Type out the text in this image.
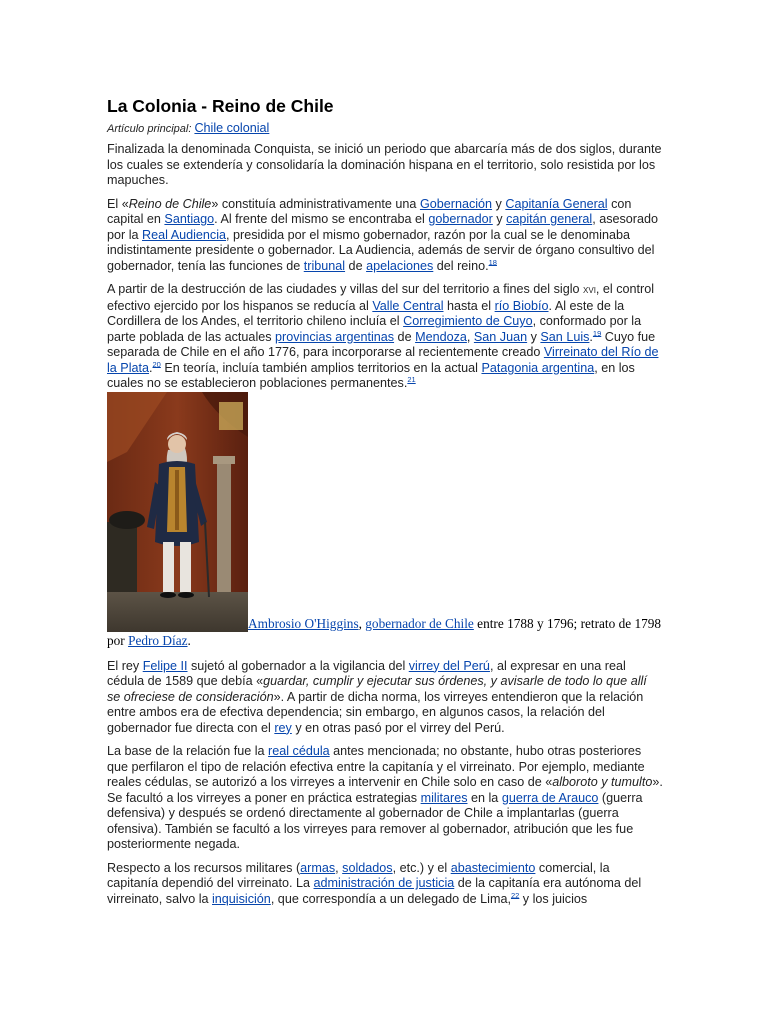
La Colonia - Reino de Chile
Artículo principal: Chile colonial

Finalizada la denominada Conquista, se inició un periodo que abarcaría más de dos siglos, durante los cuales se extendería y consolidaría la dominación hispana en el territorio, solo resistida por los mapuches.

El «Reino de Chile» constituía administrativamente una Gobernación y Capitanía General con capital en Santiago. Al frente del mismo se encontraba el gobernador y capitán general, asesorado por la Real Audiencia, presidida por el mismo gobernador, razón por la cual se le denominaba indistintamente presidente o gobernador. La Audiencia, además de servir de órgano consultivo del gobernador, tenía las funciones de tribunal de apelaciones del reino.$^{18}$

A partir de la destrucción de las ciudades y villas del sur del territorio a fines del siglo xvi, el control efectivo ejercido por los hispanos se reducía al Valle Central hasta el río Biobío. Al este de la Cordillera de los Andes, el territorio chileno incluía el Corregimiento de Cuyo, conformado por la parte poblada de las actuales provincias argentinas de Mendoza, San Juan y San Luis.$^{19}$ Cuyo fue separada de Chile en el año 1776, para incorporarse al recientemente creado Virreinato del Río de la Plata.$^{20}$ En teoría, incluía también amplios territorios en la actual Patagonia argentina, en los cuales no se establecieron poblaciones permanentes.$^{21}$

Ambrosio O'Higgins, gobernador de Chile entre 1788 y 1796; retrato de 1798 por Pedro Díaz.

El rey Felipe II sujetó al gobernador a la vigilancia del virrey del Perú, al expresar en una real cédula de 1589 que debía «guardar, cumplir y ejecutar sus órdenes, y avisarle de todo lo que allí se ofreciese de consideración». A partir de dicha norma, los virreyes entendieron que la relación entre ambos era de efectiva dependencia; sin embargo, en algunos casos, la relación del gobernador fue directa con el rey y en otras pasó por el virrey del Perú.

La base de la relación fue la real cédula antes mencionada; no obstante, hubo otras posteriores que perfilaron el tipo de relación efectiva entre la capitanía y el virreinato. Por ejemplo, mediante reales cédulas, se autorizó a los virreyes a intervenir en Chile solo en caso de «alboroto y tumulto». Se facultó a los virreyes a poner en práctica estrategias militares en la guerra de Arauco (guerra defensiva) y después se ordenó directamente al gobernador de Chile a implantarlas (guerra ofensiva). También se facultó a los virreyes para remover al gobernador, atribución que les fue posteriormente negada.

Respecto a los recursos militares (armas, soldados, etc.) y el abastecimiento comercial, la capitanía dependió del virreinato. La administración de justicia de la capitanía era autónoma del virreinato, salvo la inquisición, que correspondía a un delegado de Lima,$^{22}$ y los juicios
